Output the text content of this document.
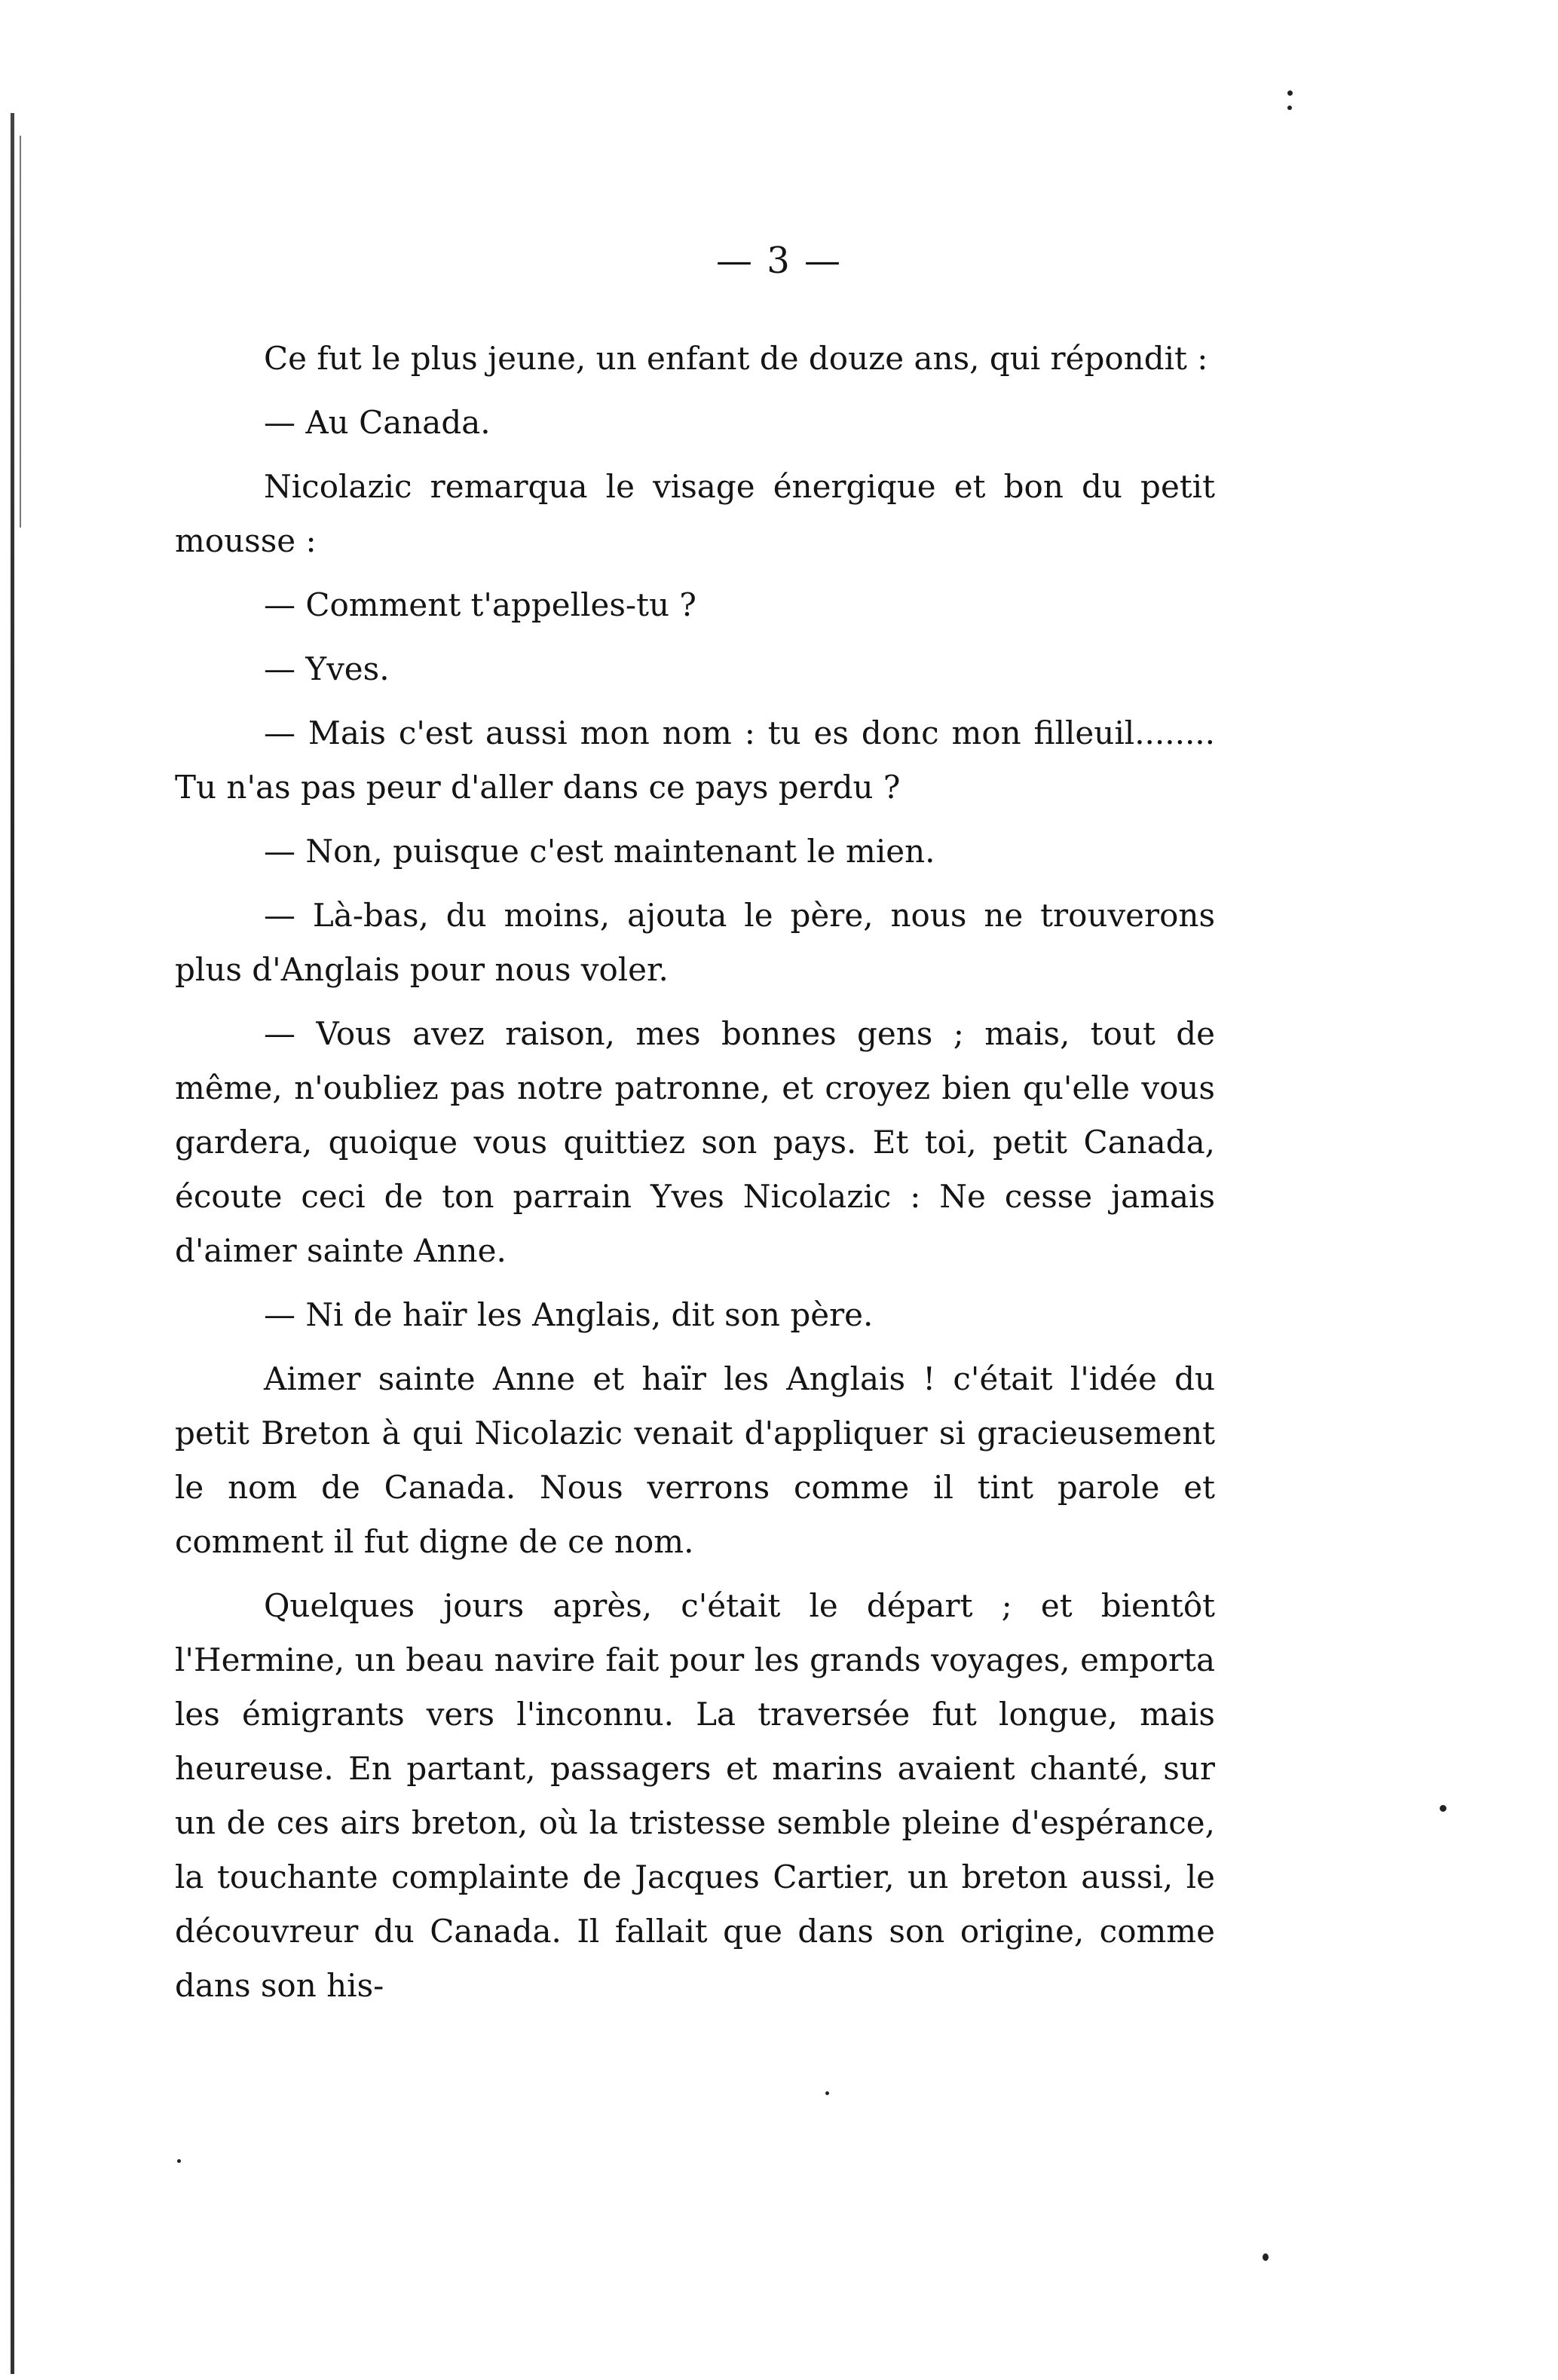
— 3 —

Ce fut le plus jeune, un enfant de douze ans, qui répondit :

— Au Canada.

Nicolazic remarqua le visage énergique et bon du petit mousse :

— Comment t'appelles-tu ?

— Yves.

— Mais c'est aussi mon nom : tu es donc mon filleuil........ Tu n'as pas peur d'aller dans ce pays perdu ?

— Non, puisque c'est maintenant le mien.

— Là-bas, du moins, ajouta le père, nous ne trouverons plus d'Anglais pour nous voler.

— Vous avez raison, mes bonnes gens ; mais, tout de même, n'oubliez pas notre patronne, et croyez bien qu'elle vous gardera, quoique vous quittiez son pays. Et toi, petit Canada, écoute ceci de ton parrain Yves Nicolazic : Ne cesse jamais d'aimer sainte Anne.

— Ni de haïr les Anglais, dit son père.

Aimer sainte Anne et haïr les Anglais ! c'était l'idée du petit Breton à qui Nicolazic venait d'appliquer si gracieusement le nom de Canada. Nous verrons comme il tint parole et comment il fut digne de ce nom.

Quelques jours après, c'était le départ ; et bientôt l'Hermine, un beau navire fait pour les grands voyages, emporta les émigrants vers l'inconnu. La traversée fut longue, mais heureuse. En partant, passagers et marins avaient chanté, sur un de ces airs breton, où la tristesse semble pleine d'espérance, la touchante complainte de Jacques Cartier, un breton aussi, le découvreur du Canada. Il fallait que dans son origine, comme dans son his-
